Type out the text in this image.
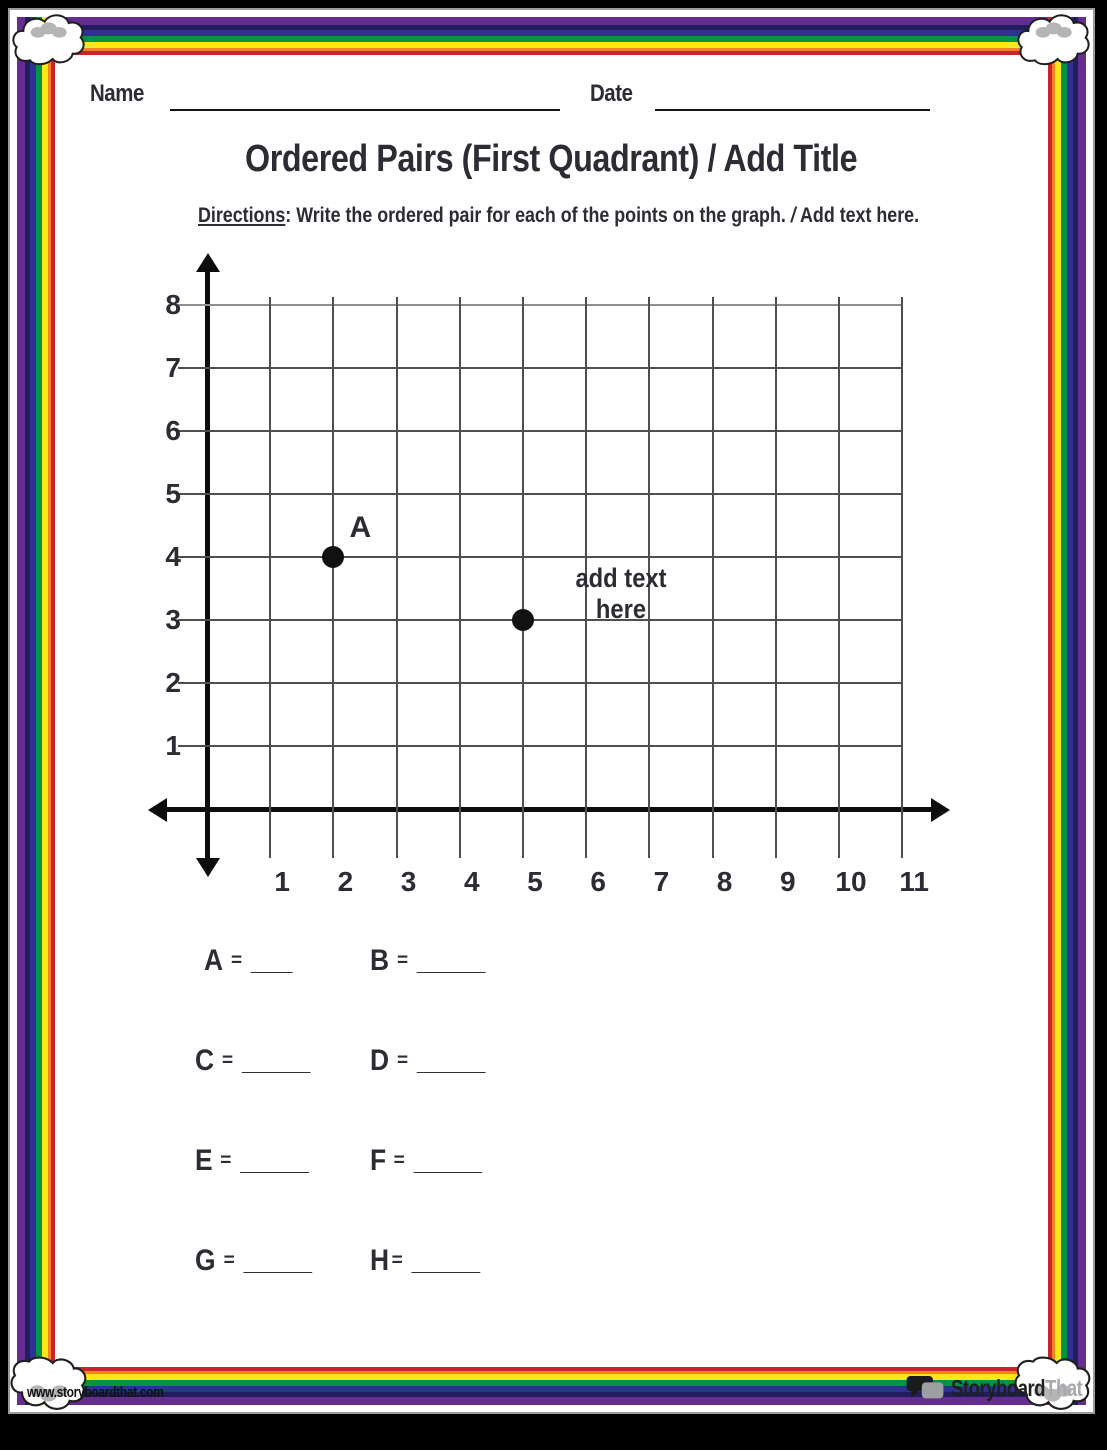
Name	Date
Ordered Pairs (First Quadrant) / Add Title

Directions: Write the ordered pair for each of the points on the graph. / Add text here.

1
2
3
4
5
6
7
8
1	2	3	4	5	6	7	8	9	10 11
A
add text here
A = ___	B = _____
C = _____	D = _____
E = _____	F = _____
G = _____	H = _____
www.storyboardthat.com	StoryboardThat
